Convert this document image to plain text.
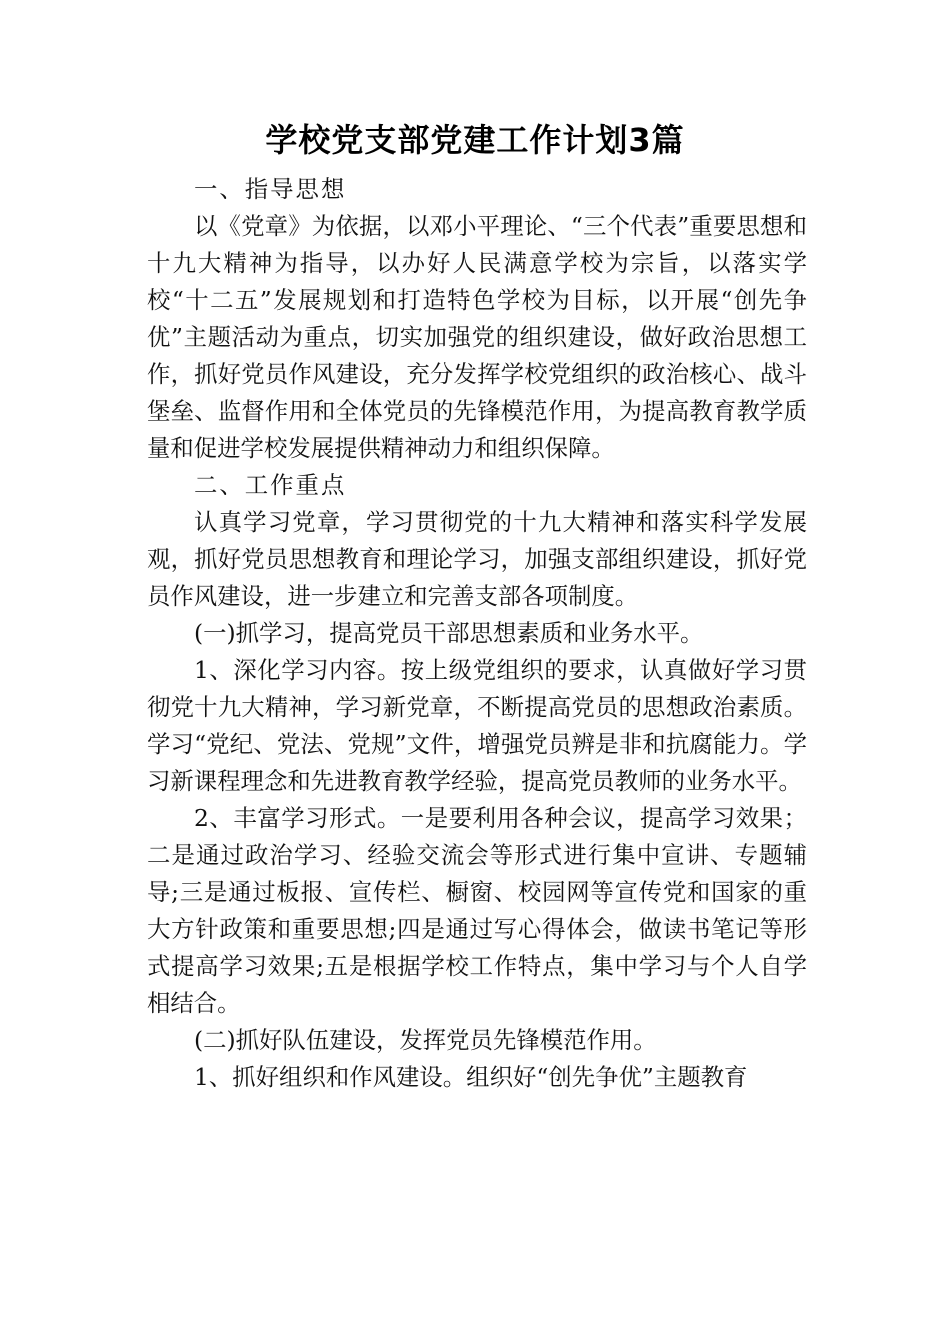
学校党支部党建工作计划3篇

一、指导思想

以《党章》为依据，以邓小平理论、“三个代表”重要思想和十九大精神为指导，以办好人民满意学校为宗旨，以落实学校“十二五”发展规划和打造特色学校为目标，以开展“创先争优”主题活动为重点，切实加强党的组织建设，做好政治思想工作，抓好党员作风建设，充分发挥学校党组织的政治核心、战斗堡垒、监督作用和全体党员的先锋模范作用，为提高教育教学质量和促进学校发展提供精神动力和组织保障。

二、工作重点

认真学习党章，学习贯彻党的十九大精神和落实科学发展观，抓好党员思想教育和理论学习，加强支部组织建设，抓好党员作风建设，进一步建立和完善支部各项制度。

(一)抓学习，提高党员干部思想素质和业务水平。

1、深化学习内容。按上级党组织的要求，认真做好学习贯彻党十九大精神，学习新党章，不断提高党员的思想政治素质。学习“党纪、党法、党规”文件，增强党员辨是非和抗腐能力。学习新课程理念和先进教育教学经验，提高党员教师的业务水平。

2、丰富学习形式。一是要利用各种会议，提高学习效果；二是通过政治学习、经验交流会等形式进行集中宣讲、专题辅导;三是通过板报、宣传栏、橱窗、校园网等宣传党和国家的重大方针政策和重要思想;四是通过写心得体会，做读书笔记等形式提高学习效果;五是根据学校工作特点，集中学习与个人自学相结合。

(二)抓好队伍建设，发挥党员先锋模范作用。

1、抓好组织和作风建设。组织好“创先争优”主题教育
